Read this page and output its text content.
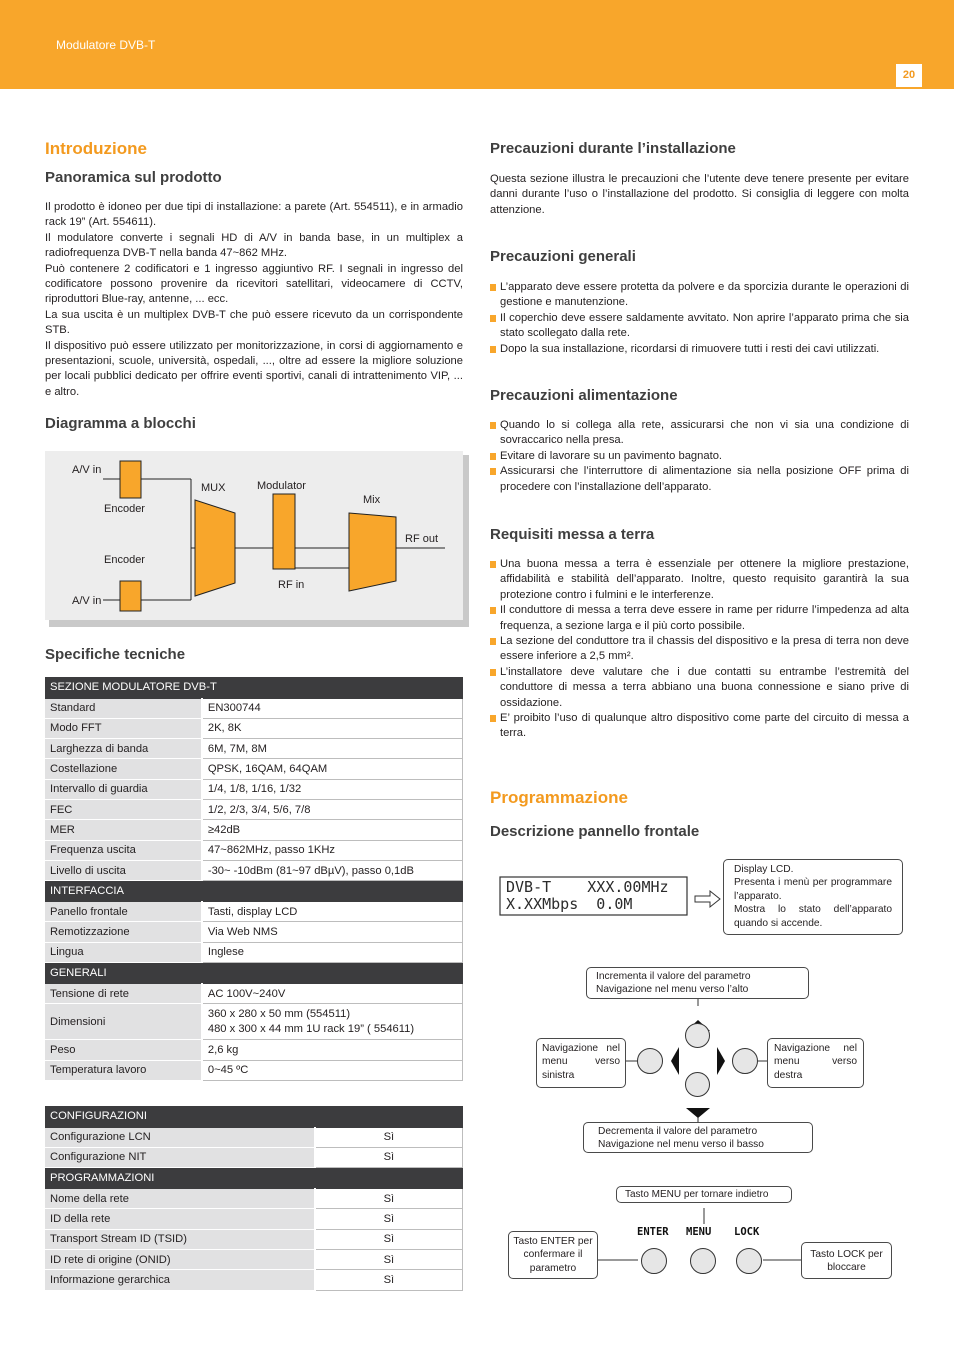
Modulatore DVB-T
20
Introduzione
Panoramica sul prodotto

Il prodotto è idoneo per due tipi di installazione: a parete (Art. 554511), e in armadio rack 19” (Art. 554611).

Il modulatore converte i segnali HD di A/V in banda base, in un multiplex a radiofrequenza DVB-T nella banda 47~862 MHz.

Può contenere 2 codificatori e 1 ingresso aggiuntivo RF. I segnali in ingresso del codificatore possono provenire da ricevitori satellitari, videocamere di CCTV, riproduttori Blue-ray, antenne, ... ecc.

La sua uscita è un multiplex DVB-T che può essere ricevuto da un corrispondente STB.

Il dispositivo può essere utilizzato per monitorizzazione, in corsi di aggiornamento e presentazioni, scuole, università, ospedali, ..., oltre ad essere la migliore soluzione per locali pubblici dedicato per offrire eventi sportivi, canali di intrattenimento VIP, ... e altro.

Diagramma a blocchi
A/V in
Encoder
Encoder
A/V in
MUX	Modulator
Mix
RF in
RF out
Specifiche tecniche
SEZIONE MODULATORE DVB-T	
Standard	EN300744
Modo FFT	2K, 8K
Larghezza di banda	6M, 7M, 8M
Costellazione	QPSK, 16QAM, 64QAM
Intervallo di guardia	1/4, 1/8, 1/16, 1/32
FEC	1/2, 2/3, 3/4, 5/6, 7/8
MER	≥42dB
Frequenza uscita	47~862MHz, passo 1KHz
Livello di uscita	-30~ -10dBm (81~97 dBµV), passo 0,1dB
INTERFACCIA	
Panello frontale	Tasti, display LCD
Remotizzazione	Via Web NMS
Lingua	Inglese
GENERALI	
Tensione di rete	AC 100V~240V
Dimensioni	360 x 280 x 50 mm (554511)
480 x 300 x 44 mm 1U rack 19” ( 554611)

Peso	2,6 kg
Temperatura lavoro	0~45 ºC
CONFIGURAZIONI	
Configurazione LCN	Sì
Configurazione NIT	Sì
PROGRAMMAZIONI	
Nome della rete	Sì
ID della rete	Sì
Transport Stream ID (TSID)	Sì
ID rete di origine (ONID)	Sì
Informazione gerarchica	Sì
Precauzioni durante l’installazione

Questa sezione illustra le precauzioni che l’utente deve tenere presente per evitare danni durante l’uso o l’installazione del prodotto. Si consiglia di leggere con molta attenzione.

Precauzioni generali

L’apparato deve essere protetta da polvere e da sporcizia durante le operazioni di gestione e manutenzione.

Il coperchio deve essere saldamente avvitato. Non aprire l’apparato prima che sia stato scollegato dalla rete.

Dopo la sua installazione, ricordarsi di rimuovere tutti i resti dei cavi utilizzati.

Precauzioni alimentazione

Quando lo si collega alla rete, assicurarsi che non vi sia una condizione di sovraccarico nella presa.

Evitare di lavorare su un pavimento bagnato.

Assicurarsi che l’interruttore di alimentazione sia nella posizione OFF prima di procedere con l’installazione dell’apparato.

Requisiti messa a terra

Una buona messa a terra è essenziale per ottenere la migliore prestazione, affidabilità e stabilità dell’apparato. Inoltre, questo requisito garantirà la sua protezione contro i fulmini e le interferenze.

Il conduttore di messa a terra deve essere in rame per ridurre l’impedenza ad alta frequenza, a sezione larga e il più corto possibile.

La sezione del conduttore tra il chassis del dispositivo e la presa di terra non deve essere inferiore a 2,5 mm².

L’installatore deve valutare che i due contatti su entrambe l’estremità del conduttore di messa a terra abbiano una buona connessione e siano prive di ossidazione.

E’ proibito l’uso di qualunque altro dispositivo come parte del circuito di messa a terra.

Programmazione
Descrizione pannello frontale
DVB-T    XXX.00MHz
X.XXMbps  0.0M
Display LCD.
Presenta i menù per programmare l’apparato.
Mostra lo stato dell’apparato quando si accende.
Incrementa il valore del parametro
Navigazione nel menu verso l’alto
Navigazione nel menu verso sinistra
Navigazione nel menu verso destra
Decrementa il valore del parametro
Navigazione nel menu verso il basso
Tasto MENU per tornare indietro
Tasto ENTER per confermare il parametro
Tasto LOCK per bloccare
ENTER MENU LOCK
